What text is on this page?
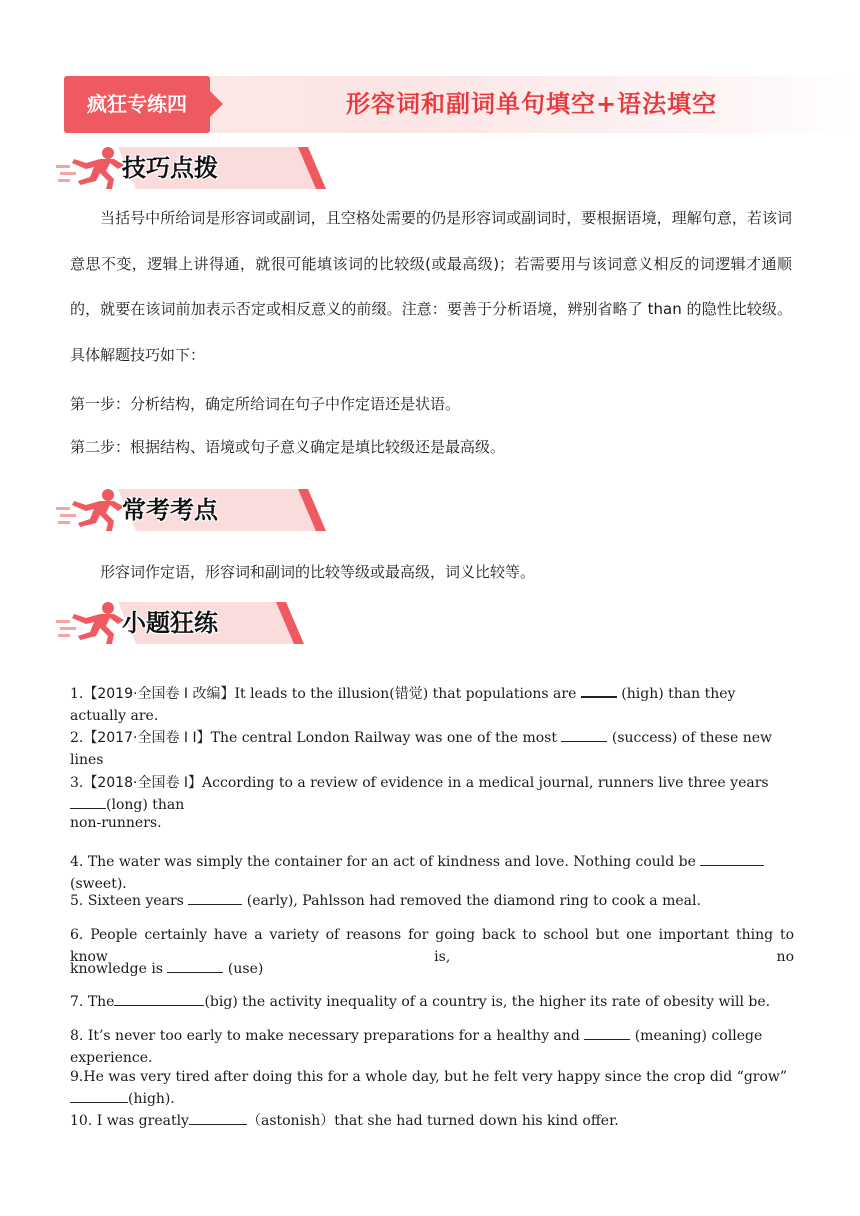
疯狂专练四	形容词和副词单句填空+语法填空
技巧点拨
当括号中所给词是形容词或副词，且空格处需要的仍是形容词或副词时，要根据语境，理解句意，若该词意思不变，逻辑上讲得通，就很可能填该词的比较级(或最高级)；若需要用与该词意义相反的词逻辑才通顺的，就要在该词前加表示否定或相反意义的前缀。注意：要善于分析语境，辨别省略了 than 的隐性比较级。具体解题技巧如下：
第一步：分析结构，确定所给词在句子中作定语还是状语。
第二步：根据结构、语境或句子意义确定是填比较级还是最高级。
常考考点
形容词作定语，形容词和副词的比较等级或最高级，词义比较等。
小题狂练
1.【2019·全国卷 I 改编】It leads to the illusion(错觉) that populations are	(high) than they actually are.
2.【2017·全国卷 I I】The central London Railway was one of the most	(success) of these new lines
3.【2018·全国卷 I】According to a review of evidence in a medical journal, runners live three years (long) than
non-runners.
4. The water was simply the container for an act of kindness and love. Nothing could be (sweet)．
5. Sixteen years	(early), Pahlsson had removed the diamond ring to cook a meal.
6. People certainly have a variety of reasons for going back to school but one important thing to know is, no
knowledge is	(use)
7. The	(big) the activity inequality of a country is, the higher its rate of obesity will be.
8. It’s never too early to make necessary preparations for a healthy and	(meaning) college experience.
9.He was very tired after doing this for a whole day, but he felt very happy since the crop did “grow”(high)．
10. I was greatly	（astonish）that she had turned down his kind offer.
